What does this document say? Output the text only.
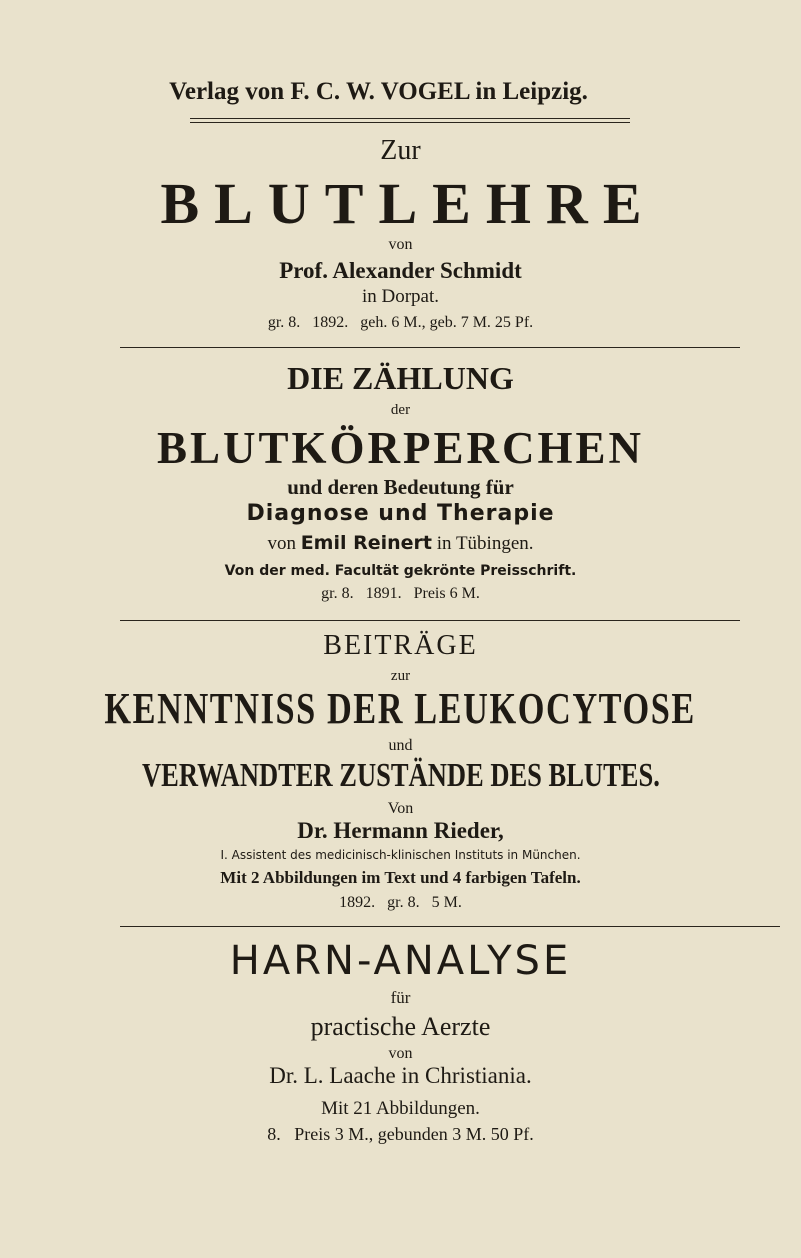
Verlag von F. C. W. VOGEL in Leipzig.
Zur
BLUTLEHRE
von
Prof. Alexander Schmidt
in Dorpat.
gr. 8.   1892.   geh. 6 M., geb. 7 M. 25 Pf.
DIE ZÄHLUNG
der
BLUTKÖRPERCHEN
und deren Bedeutung für
Diagnose und Therapie
von Emil Reinert in Tübingen.
Von der med. Facultät gekrönte Preisschrift.
gr. 8.   1891.   Preis 6 M.
BEITRÄGE
zur
KENNTNISS DER LEUKOCYTOSE
und
VERWANDTER ZUSTÄNDE DES BLUTES.
Von
Dr. Hermann Rieder,
I. Assistent des medicinisch-klinischen Instituts in München.
Mit 2 Abbildungen im Text und 4 farbigen Tafeln.
1892.   gr. 8.   5 M.
HARN-ANALYSE
für
practische Aerzte
von
Dr. L. Laache in Christiania.
Mit 21 Abbildungen.
8.   Preis 3 M., gebunden 3 M. 50 Pf.
